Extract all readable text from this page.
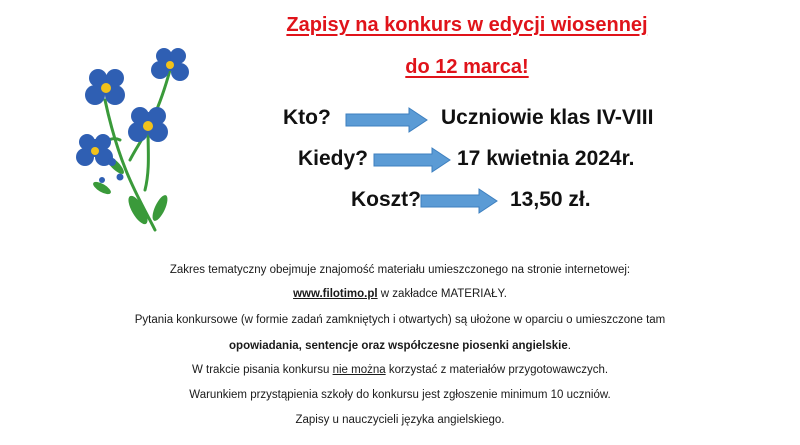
Zapisy na konkurs w edycji wiosennej
do 12 marca!
Kto?	Uczniowie klas IV-VIII
Kiedy?	17 kwietnia 2024r.
Koszt?	13,50 zł.
Zakres tematyczny obejmuje znajomość materiału umieszczonego na stronie internetowej:
www.filotimo.pl w zakładce MATERIAŁY.
Pytania konkursowe (w formie zadań zamkniętych i otwartych) są ułożone w oparciu o umieszczone tam
opowiadania, sentencje oraz współczesne piosenki angielskie.
W trakcie pisania konkursu nie można korzystać z materiałów przygotowawczych.
Warunkiem przystąpienia szkoły do konkursu jest zgłoszenie minimum 10 uczniów.
Zapisy u nauczycieli języka angielskiego.
